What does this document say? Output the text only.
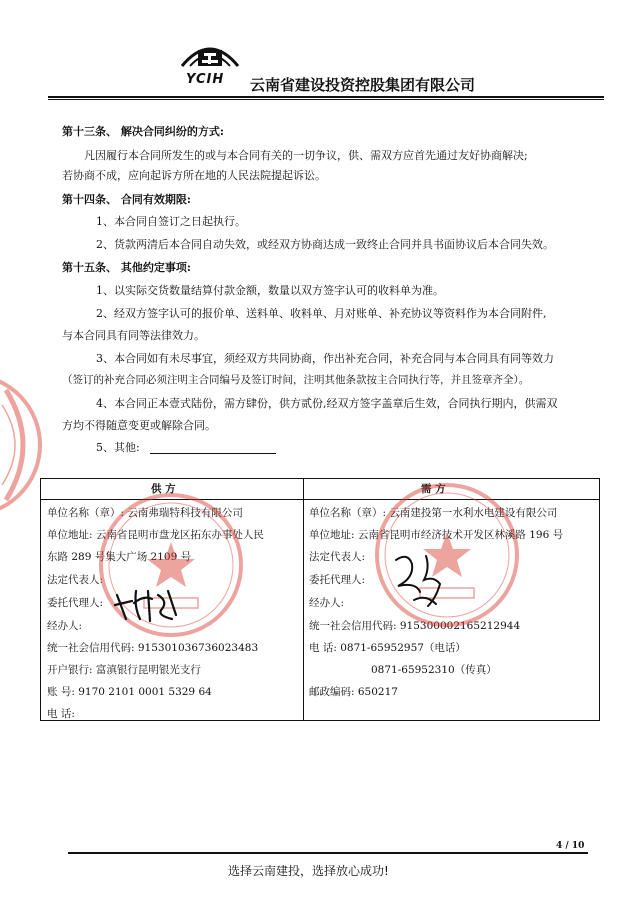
YCIH 云南省建设投资控股集团有限公司
第十三条、 解决合同纠纷的方式:
凡因履行本合同所发生的或与本合同有关的一切争议，供、需双方应首先通过友好协商解决;
若协商不成，应向起诉方所在地的人民法院提起诉讼。
第十四条、 合同有效期限:
1、本合同自签订之日起执行。
2、货款两清后本合同自动失效，或经双方协商达成一致终止合同并具书面协议后本合同失效。
第十五条、 其他约定事项:
1、以实际交货数量结算付款金额，数量以双方签字认可的收料单为准。
2、经双方签字认可的报价单、送料单、收料单、月对账单、补充协议等资料作为本合同附件,
与本合同具有同等法律效力。
3、本合同如有未尽事宜，须经双方共同协商，作出补充合同，补充合同与本合同具有同等效力
（签订的补充合同必须注明主合同编号及签订时间，注明其他条款按主合同执行等，并且签章齐全）。
4、本合同正本壹式陆份，需方肆份，供方贰份,经双方签字盖章后生效，合同执行期内，供需双
方均不得随意变更或解除合同。
5、其他:
供 方
单位名称（章）: 云南弗瑞特科技有限公司
单位地址: 云南省昆明市盘龙区拓东办事处人民
东路 289 号集大广场 2109 号
法定代表人:
委托代理人:
经办人:
统一社会信用代码: 915301036736023483
开户银行: 富滇银行昆明银光支行
账 号: 9170 2101 0001 5329 64
电 话:
需 方
单位名称（章）: 云南建投第一水利水电建设有限公司
单位地址: 云南省昆明市经济技术开发区林溪路 196 号
法定代表人:
委托代理人:
经办人:
统一社会信用代码: 915300002165212944
电 话: 0871-65952957（电话）
0871-65952310（传真）
邮政编码: 650217
4 / 10
选择云南建投，选择放心成功!
